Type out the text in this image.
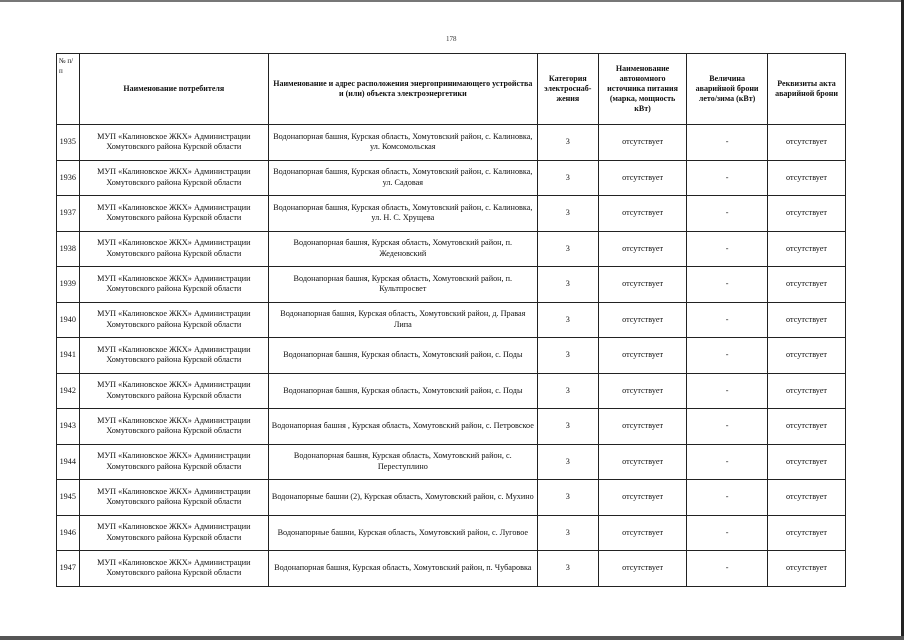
178
№ п/п	Наименование потребителя	Наименование и адрес расположения энергопринимающего устройства и (или) объекта электроэнергетики	Категория электроснаб-жения	Наименование автономного источника питания (марка, мощность кВт)	Величина аварийной брони лето/зима (кВт)	Реквизиты акта аварийной брони
1935	МУП «Калиновское ЖКХ» Администрации Хомутовского района Курской области	Водонапорная башня, Курская область, Хомутовский район, с. Калиновка, ул. Комсомольская	3	отсутствует	-	отсутствует
1936	МУП «Калиновское ЖКХ» Администрации Хомутовского района Курской области	Водонапорная башня, Курская область, Хомутовский район, с. Калиновка, ул. Садовая	3	отсутствует	-	отсутствует
1937	МУП «Калиновское ЖКХ» Администрации Хомутовского района Курской области	Водонапорная башня, Курская область, Хомутовский район, с. Калиновка, ул. Н. С. Хрущева	3	отсутствует	-	отсутствует
1938	МУП «Калиновское ЖКХ» Администрации Хомутовского района Курской области	Водонапорная башня, Курская область, Хомутовский район, п. Жеденовский	3	отсутствует	-	отсутствует
1939	МУП «Калиновское ЖКХ» Администрации Хомутовского района Курской области	Водонапорная башня, Курская область, Хомутовский район, п. Культпросвет	3	отсутствует	-	отсутствует
1940	МУП «Калиновское ЖКХ» Администрации Хомутовского района Курской области	Водонапорная башня, Курская область, Хомутовский район, д. Правая Липа	3	отсутствует	-	отсутствует
1941	МУП «Калиновское ЖКХ» Администрации Хомутовского района Курской области	Водонапорная башня, Курская область, Хомутовский район, с. Поды	3	отсутствует	-	отсутствует
1942	МУП «Калиновское ЖКХ» Администрации Хомутовского района Курской области	Водонапорная башня, Курская область, Хомутовский район, с. Поды	3	отсутствует	-	отсутствует
1943	МУП «Калиновское ЖКХ» Администрации Хомутовского района Курской области	Водонапорная башня , Курская область, Хомутовский район, с. Петровское	3	отсутствует	-	отсутствует
1944	МУП «Калиновское ЖКХ» Администрации Хомутовского района Курской области	Водонапорная башня, Курская область, Хомутовский район, с. Переступлино	3	отсутствует	-	отсутствует
1945	МУП «Калиновское ЖКХ» Администрации Хомутовского района Курской области	Водонапорные башни (2), Курская область, Хомутовский район, с. Мухино	3	отсутствует	-	отсутствует
1946	МУП «Калиновское ЖКХ» Администрации Хомутовского района Курской области	Водонапорные башни, Курская область, Хомутовский район, с. Луговое	3	отсутствует	-	отсутствует
1947	МУП «Калиновское ЖКХ» Администрации Хомутовского района Курской области	Водонапорная башня, Курская область, Хомутовский район, п. Чубаровка	3	отсутствует	-	отсутствует
